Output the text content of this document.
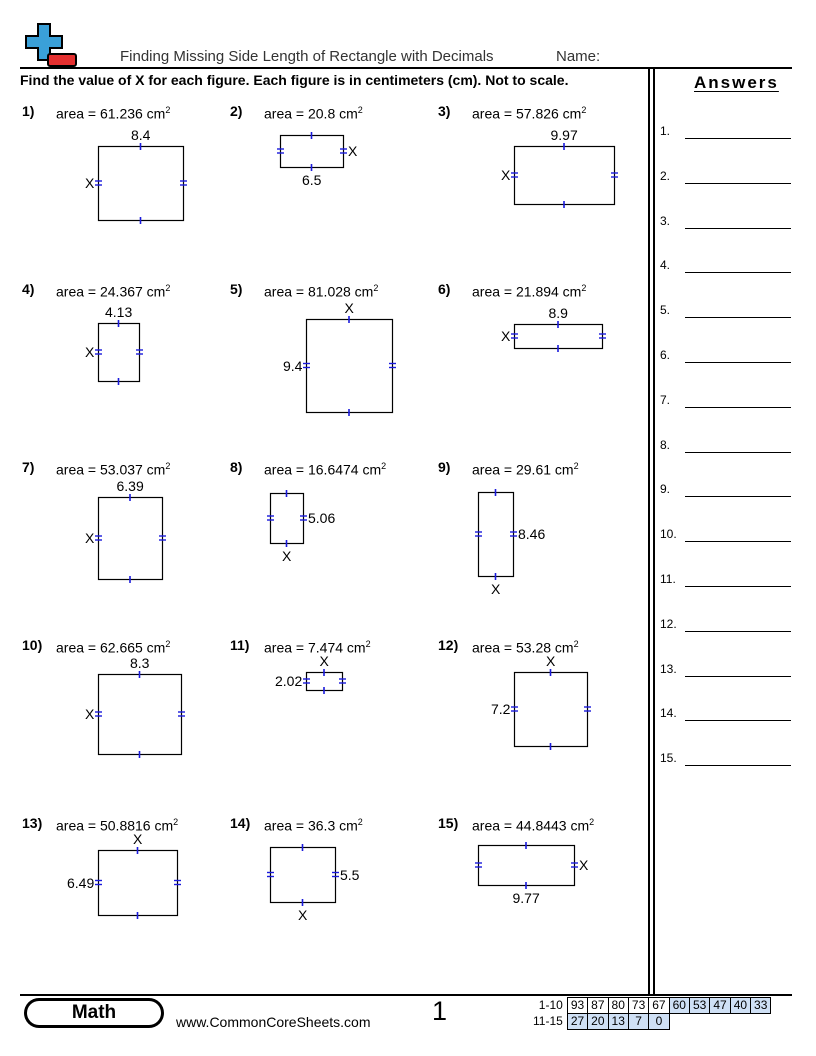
Finding Missing Side Length of Rectangle with Decimals	Name:
Find the value of X for each figure. Each figure is in centimeters (cm). Not to scale.	Answers
1.
2.
3.
4.
5.
6.
7.
8.
9.
10.
11.
12.
13.
14.
15.
1) area = 61.236 $cm^2$
8.4
X
2) area = 20.8 $cm^2$
6.5
X
3) area = 57.826 $cm^2$
9.97
X
4) area = 24.367 $cm^2$
4.13
X
5) area = 81.028 $cm^2$
X
9.4
6) area = 21.894 $cm^2$
8.9
X
7) area = 53.037 $cm^2$
6.39
X
8) area = 16.6474 $cm^2$
X
5.06
9) area = 29.61 $cm^2$
X
8.46
10) area = 62.665 $cm^2$
8.3
X
11) area = 7.474 $cm^2$
X
2.02
12) area = 53.28 $cm^2$
X
7.2
13) area = 50.8816 $cm^2$
X
6.49
14) area = 36.3 $cm^2$
X
5.5
15) area = 44.8443 $cm^2$
9.77
X
Math	www.CommonCoreSheets.com 1	1-10	93	87	80	73	67	60	53	47	40	33
11-15	27	20	13	7	0					
